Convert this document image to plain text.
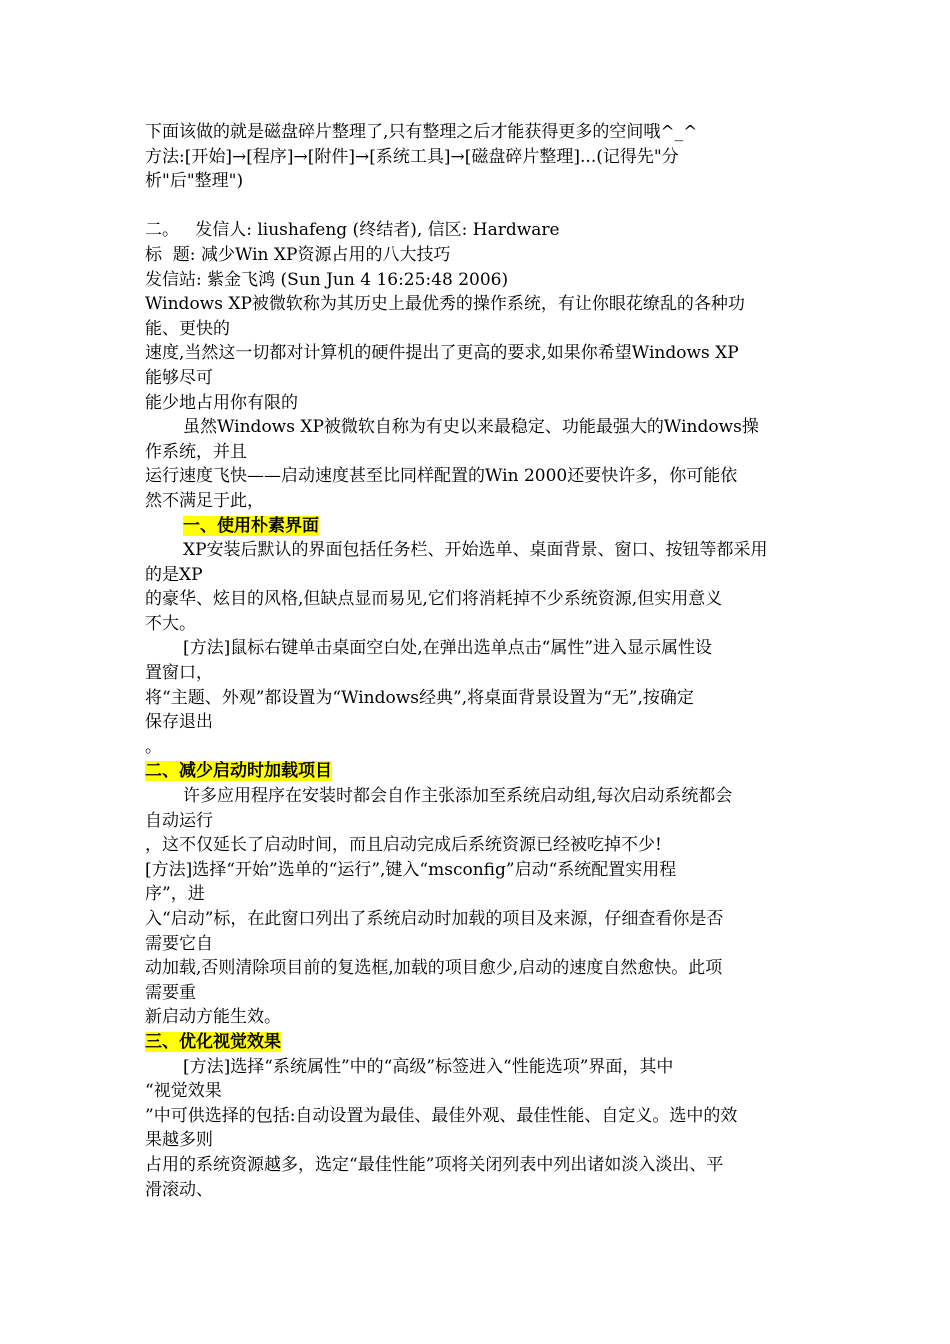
下面该做的就是磁盘碎片整理了,只有整理之后才能获得更多的空间哦^_^
方法:[开始]→[程序]→[附件]→[系统工具]→[磁盘碎片整理]...(记得先"分
析"后"整理")
二。   发信人: liushafeng (终结者), 信区: Hardware
标  题: 减少Win XP资源占用的八大技巧
发信站: 紫金飞鸿 (Sun Jun 4 16:25:48 2006)
Windows XP被微软称为其历史上最优秀的操作系统，有让你眼花缭乱的各种功
能、更快的
速度,当然这一切都对计算机的硬件提出了更高的要求,如果你希望Windows XP
能够尽可
能少地占用你有限的
虽然Windows XP被微软自称为有史以来最稳定、功能最强大的Windows操
作系统，并且
运行速度飞快——启动速度甚至比同样配置的Win 2000还要快许多，你可能依
然不满足于此，
一、使用朴素界面
XP安装后默认的界面包括任务栏、开始选单、桌面背景、窗口、按钮等都采用
的是XP
的豪华、炫目的风格,但缺点显而易见,它们将消耗掉不少系统资源,但实用意义
不大。
[方法]鼠标右键单击桌面空白处,在弹出选单点击“属性”进入显示属性设
置窗口，
将“主题、外观”都设置为“Windows经典”,将桌面背景设置为“无”,按确定
保存退出
。
二、减少启动时加载项目
许多应用程序在安装时都会自作主张添加至系统启动组,每次启动系统都会
自动运行
，这不仅延长了启动时间，而且启动完成后系统资源已经被吃掉不少!
[方法]选择“开始”选单的“运行”,键入“msconfig”启动“系统配置实用程
序”，进
入“启动”标，在此窗口列出了系统启动时加载的项目及来源，仔细查看你是否
需要它自
动加载,否则清除项目前的复选框,加载的项目愈少,启动的速度自然愈快。此项
需要重
新启动方能生效。
三、优化视觉效果
[方法]选择“系统属性”中的“高级”标签进入“性能选项”界面，其中
“视觉效果
”中可供选择的包括:自动设置为最佳、最佳外观、最佳性能、自定义。选中的效
果越多则
占用的系统资源越多，选定“最佳性能”项将关闭列表中列出诸如淡入淡出、平
滑滚动、
